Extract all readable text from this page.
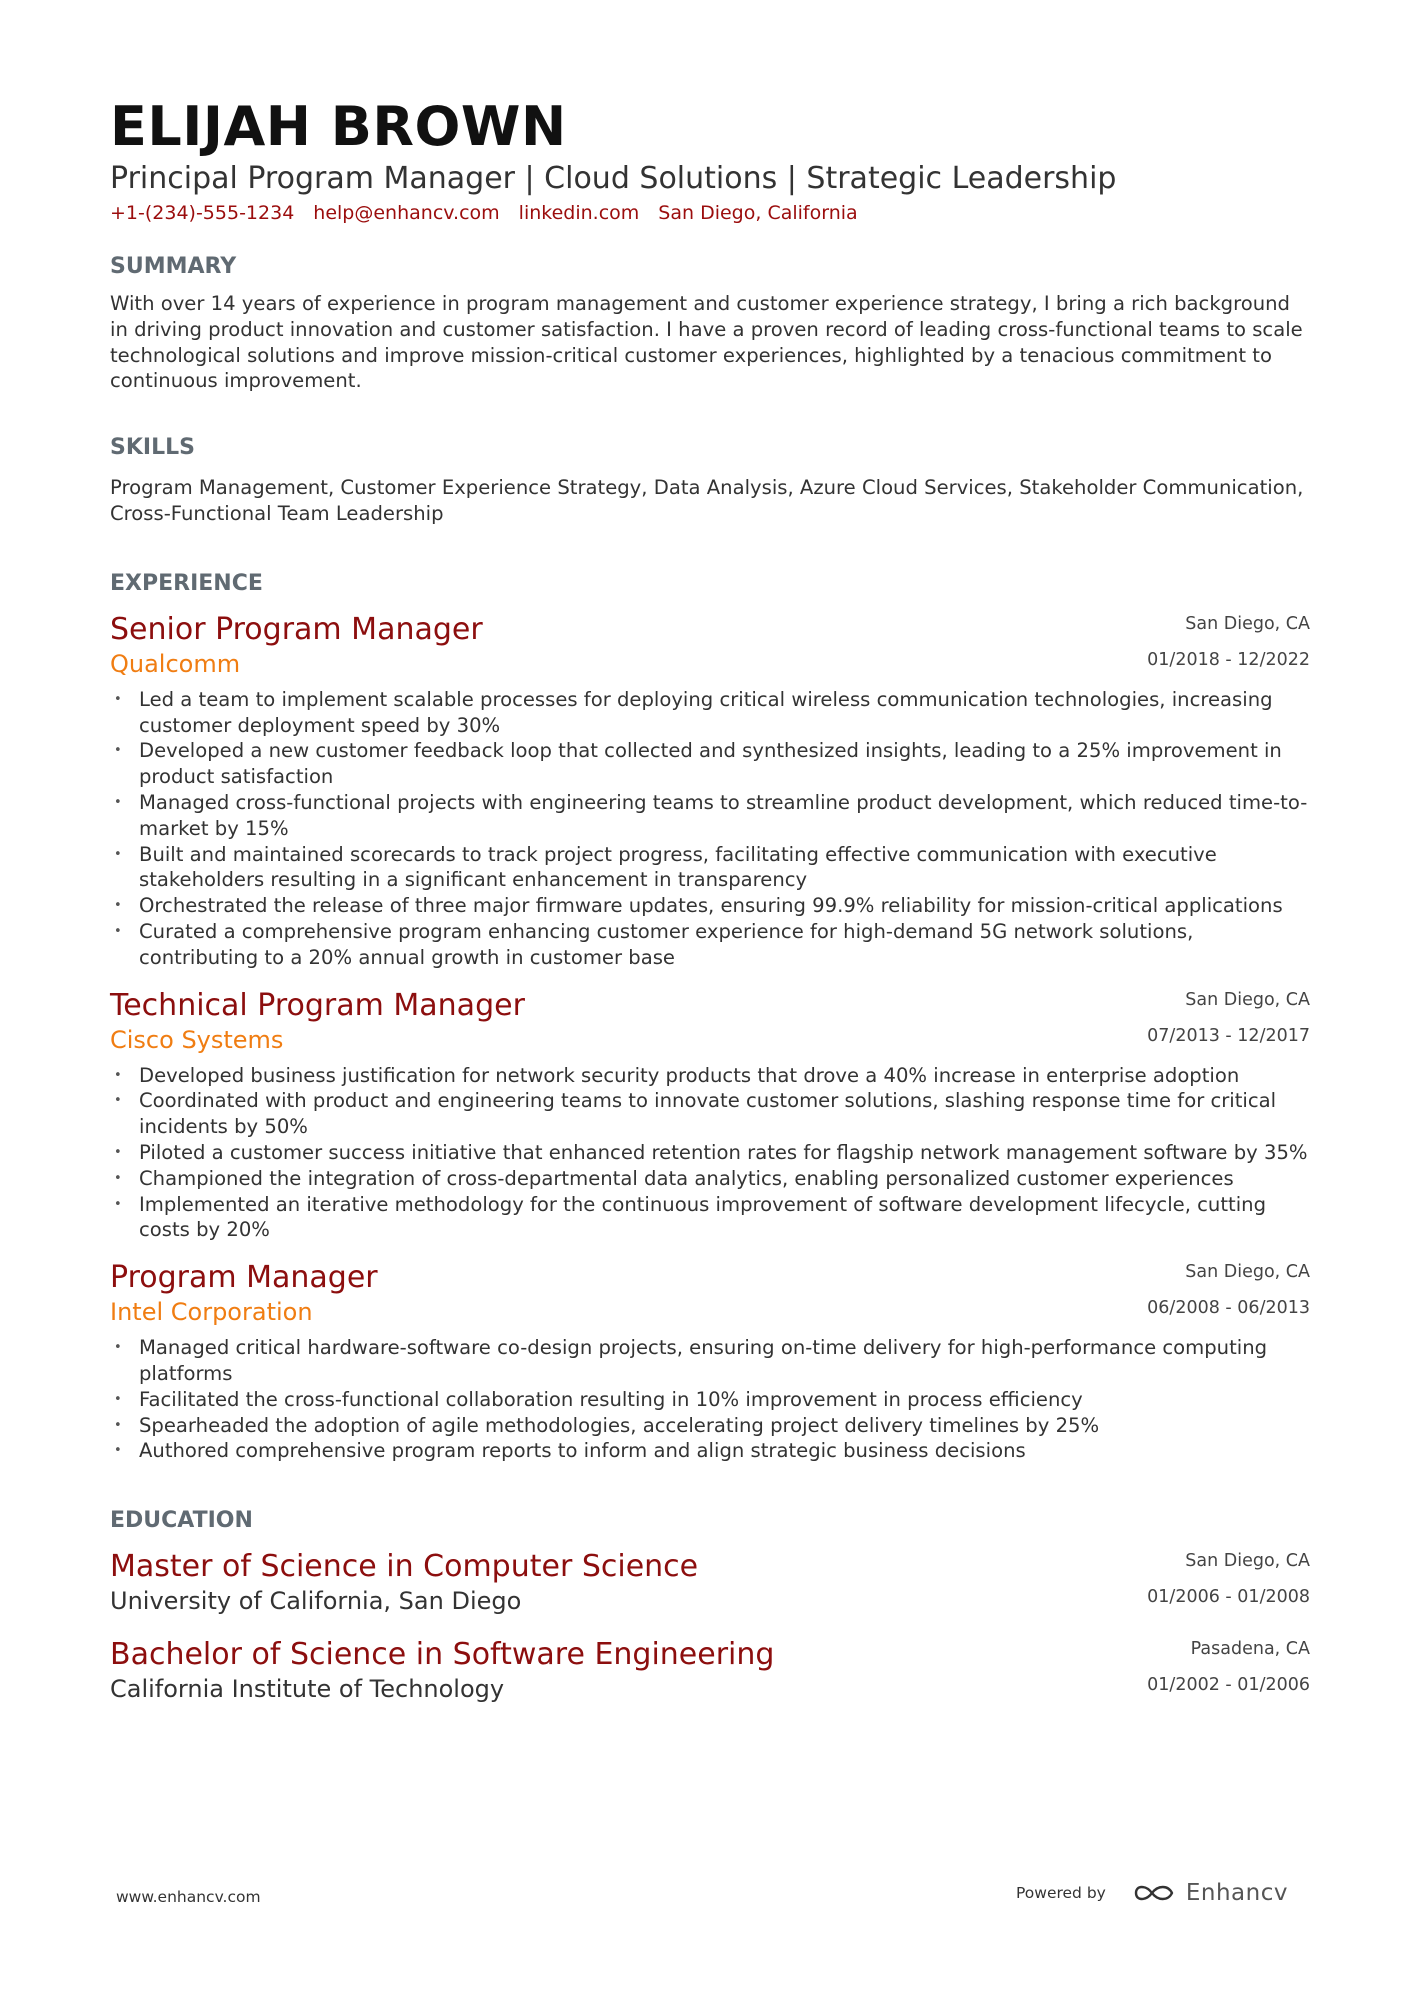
ELIJAH BROWN
Principal Program Manager | Cloud Solutions | Strategic Leadership
+1-(234)-555-1234 help@enhancv.com linkedin.com San Diego, California
SUMMARY
With over 14 years of experience in program management and customer experience strategy, I bring a rich background in driving product innovation and customer satisfaction. I have a proven record of leading cross-functional teams to scale technological solutions and improve mission-critical customer experiences, highlighted by a tenacious commitment to continuous improvement.
SKILLS
Program Management, Customer Experience Strategy, Data Analysis, Azure Cloud Services, Stakeholder Communication, Cross-Functional Team Leadership
EXPERIENCE
Senior Program Manager
Qualcomm
San Diego, CA
01/2018 - 12/2022
• Led a team to implement scalable processes for deploying critical wireless communication technologies, increasing customer deployment speed by 30%
• Developed a new customer feedback loop that collected and synthesized insights, leading to a 25% improvement in product satisfaction
• Managed cross-functional projects with engineering teams to streamline product development, which reduced time-to-market by 15%
• Built and maintained scorecards to track project progress, facilitating effective communication with executive stakeholders resulting in a significant enhancement in transparency
• Orchestrated the release of three major firmware updates, ensuring 99.9% reliability for mission-critical applications
• Curated a comprehensive program enhancing customer experience for high-demand 5G network solutions, contributing to a 20% annual growth in customer base
Technical Program Manager
Cisco Systems
San Diego, CA
07/2013 - 12/2017
• Developed business justification for network security products that drove a 40% increase in enterprise adoption
• Coordinated with product and engineering teams to innovate customer solutions, slashing response time for critical incidents by 50%
• Piloted a customer success initiative that enhanced retention rates for flagship network management software by 35%
• Championed the integration of cross-departmental data analytics, enabling personalized customer experiences
• Implemented an iterative methodology for the continuous improvement of software development lifecycle, cutting costs by 20%
Program Manager
Intel Corporation
San Diego, CA
06/2008 - 06/2013
• Managed critical hardware-software co-design projects, ensuring on-time delivery for high-performance computing platforms
• Facilitated the cross-functional collaboration resulting in 10% improvement in process efficiency
• Spearheaded the adoption of agile methodologies, accelerating project delivery timelines by 25%
• Authored comprehensive program reports to inform and align strategic business decisions
EDUCATION
Master of Science in Computer Science
University of California, San Diego
San Diego, CA
01/2006 - 01/2008
Bachelor of Science in Software Engineering
California Institute of Technology
Pasadena, CA
01/2002 - 01/2006
www.enhancv.com	Powered by	Enhancv
